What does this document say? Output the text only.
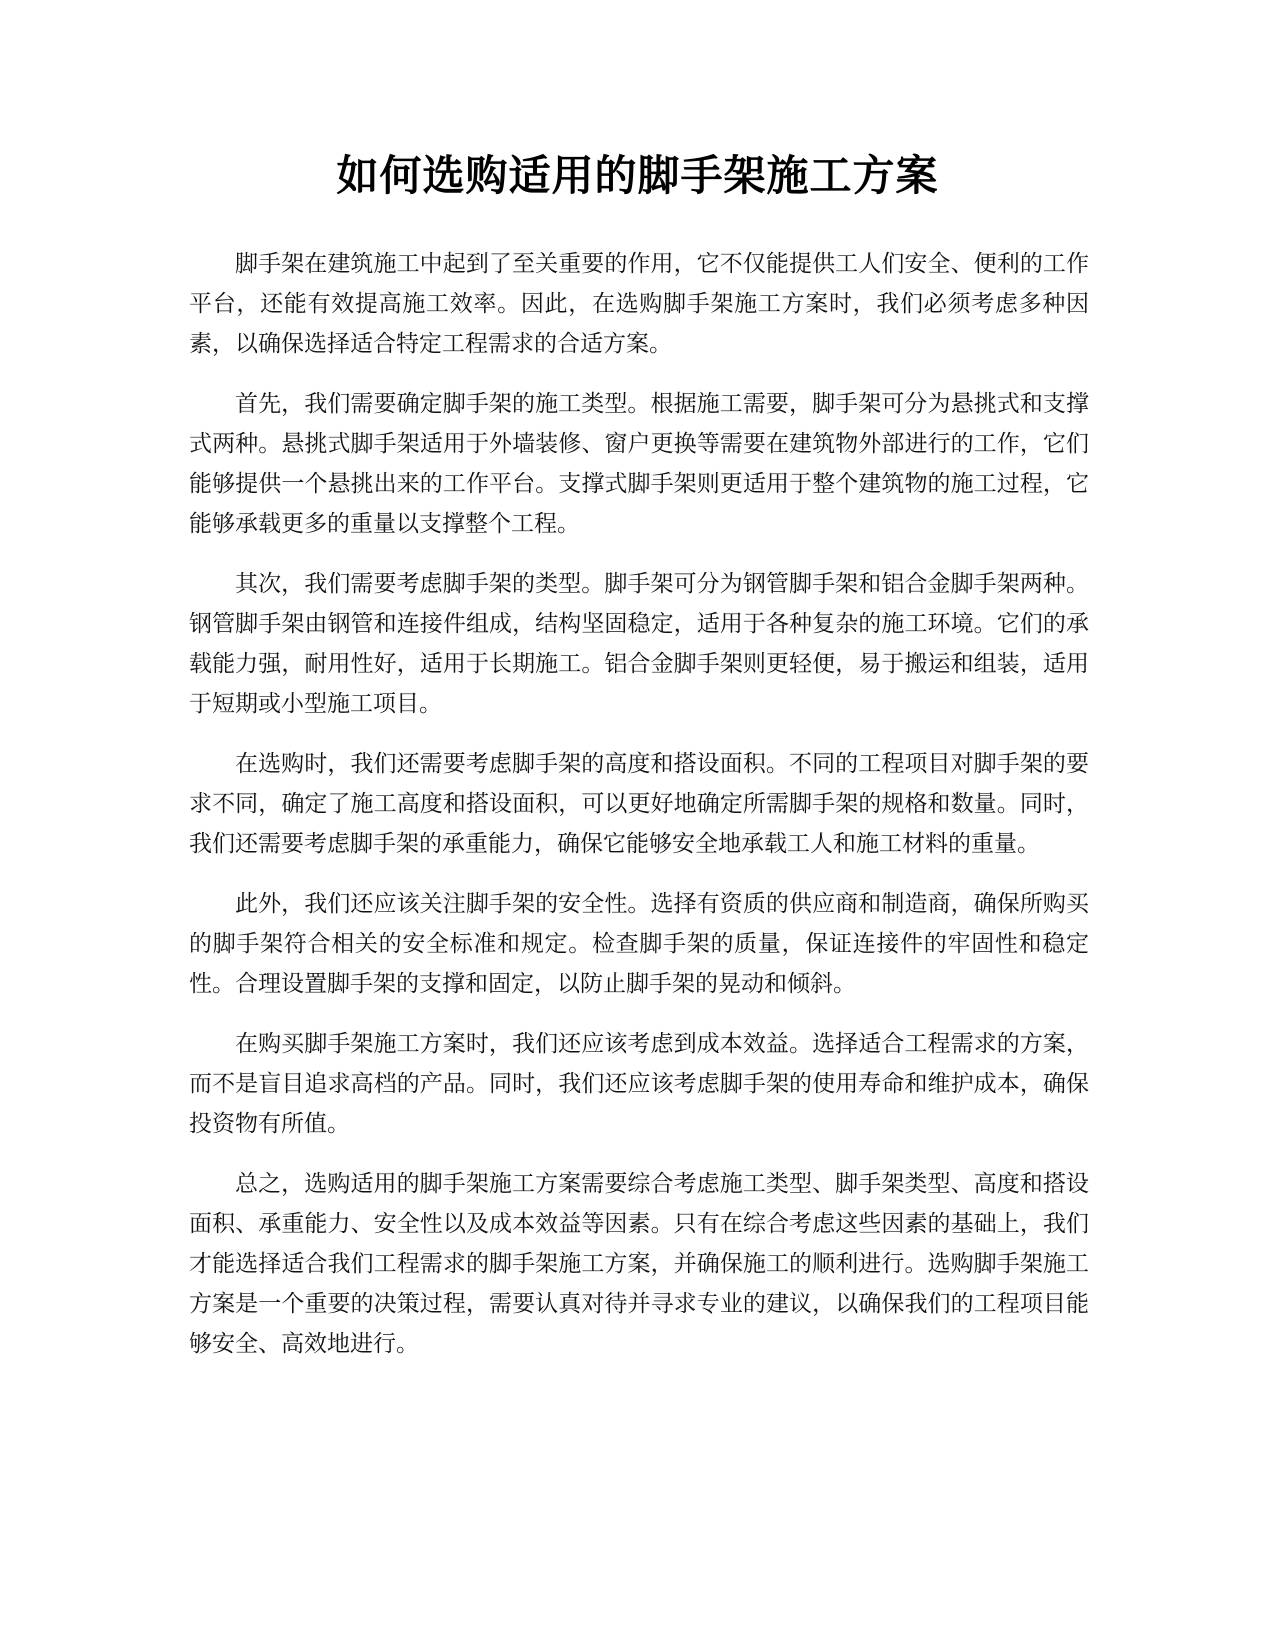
如何选购适用的脚手架施工方案

脚手架在建筑施工中起到了至关重要的作用，它不仅能提供工人们安全、便利的工作平台，还能有效提高施工效率。因此，在选购脚手架施工方案时，我们必须考虑多种因素，以确保选择适合特定工程需求的合适方案。

首先，我们需要确定脚手架的施工类型。根据施工需要，脚手架可分为悬挑式和支撑式两种。悬挑式脚手架适用于外墙装修、窗户更换等需要在建筑物外部进行的工作，它们能够提供一个悬挑出来的工作平台。支撑式脚手架则更适用于整个建筑物的施工过程，它能够承载更多的重量以支撑整个工程。

其次，我们需要考虑脚手架的类型。脚手架可分为钢管脚手架和铝合金脚手架两种。钢管脚手架由钢管和连接件组成，结构坚固稳定，适用于各种复杂的施工环境。它们的承载能力强，耐用性好，适用于长期施工。铝合金脚手架则更轻便，易于搬运和组装，适用于短期或小型施工项目。

在选购时，我们还需要考虑脚手架的高度和搭设面积。不同的工程项目对脚手架的要求不同，确定了施工高度和搭设面积，可以更好地确定所需脚手架的规格和数量。同时，我们还需要考虑脚手架的承重能力，确保它能够安全地承载工人和施工材料的重量。

此外，我们还应该关注脚手架的安全性。选择有资质的供应商和制造商，确保所购买的脚手架符合相关的安全标准和规定。检查脚手架的质量，保证连接件的牢固性和稳定性。合理设置脚手架的支撑和固定，以防止脚手架的晃动和倾斜。

在购买脚手架施工方案时，我们还应该考虑到成本效益。选择适合工程需求的方案，而不是盲目追求高档的产品。同时，我们还应该考虑脚手架的使用寿命和维护成本，确保投资物有所值。

总之，选购适用的脚手架施工方案需要综合考虑施工类型、脚手架类型、高度和搭设面积、承重能力、安全性以及成本效益等因素。只有在综合考虑这些因素的基础上，我们才能选择适合我们工程需求的脚手架施工方案，并确保施工的顺利进行。选购脚手架施工方案是一个重要的决策过程，需要认真对待并寻求专业的建议，以确保我们的工程项目能够安全、高效地进行。
